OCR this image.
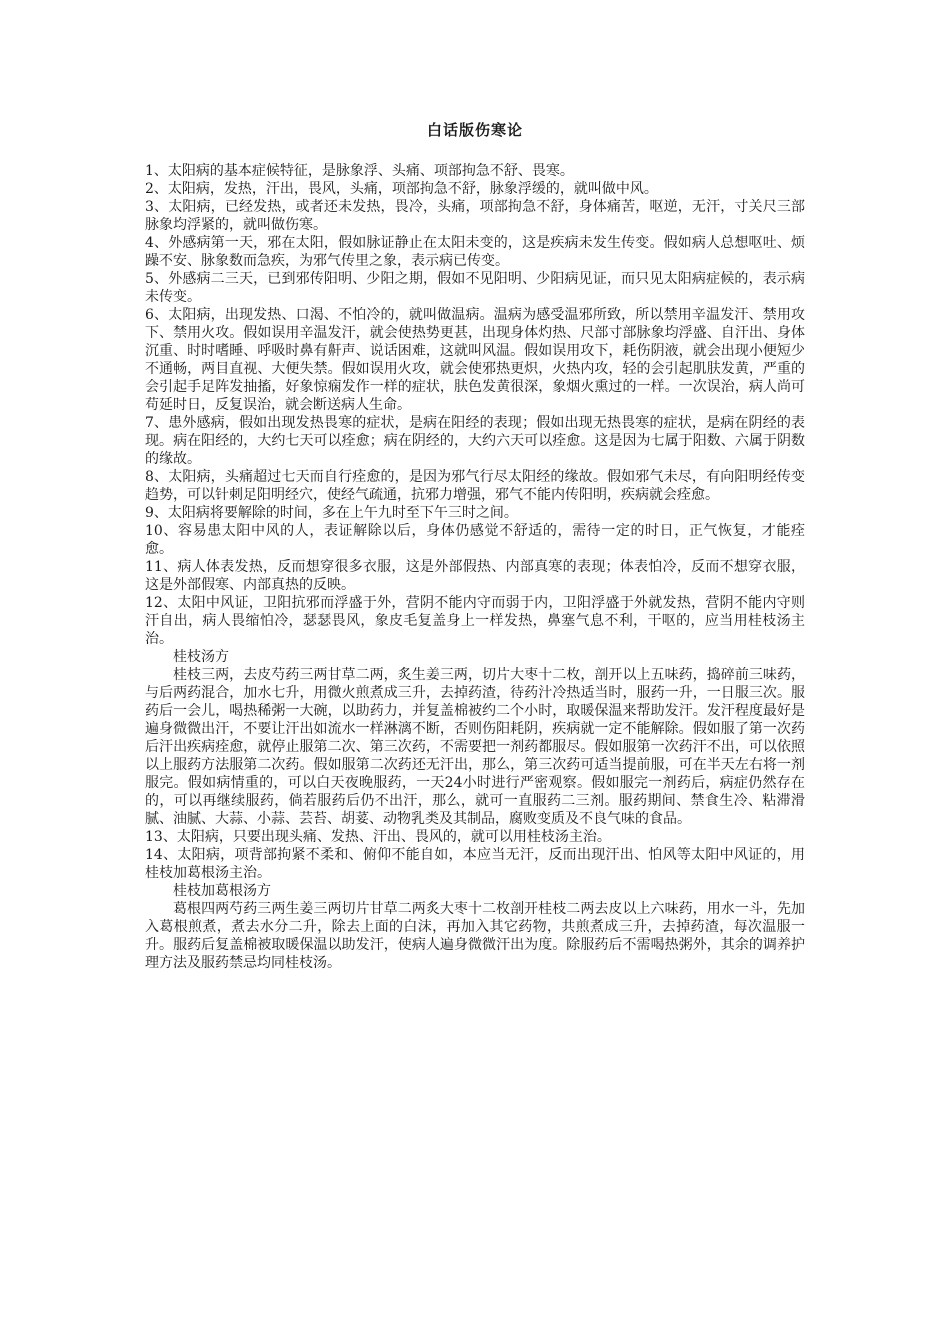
白话版伤寒论

1、太阳病的基本症候特征，是脉象浮、头痛、项部拘急不舒、畏寒。

2、太阳病，发热，汗出，畏风，头痛，项部拘急不舒，脉象浮缓的，就叫做中风。

3、太阳病，已经发热，或者还未发热，畏冷，头痛，项部拘急不舒，身体痛苦，呕逆，无汗，寸关尺三部脉象均浮紧的，就叫做伤寒。

4、外感病第一天，邪在太阳，假如脉证静止在太阳未变的，这是疾病未发生传变。假如病人总想呕吐、烦躁不安、脉象数而急疾，为邪气传里之象，表示病已传变。

5、外感病二三天，已到邪传阳明、少阳之期，假如不见阳明、少阳病见证，而只见太阳病症候的，表示病未传变。

6、太阳病，出现发热、口渴、不怕冷的，就叫做温病。温病为感受温邪所致，所以禁用辛温发汗、禁用攻下、禁用火攻。假如误用辛温发汗，就会使热势更甚，出现身体灼热、尺部寸部脉象均浮盛、自汗出、身体沉重、时时嗜睡、呼吸时鼻有鼾声、说话困难，这就叫风温。假如误用攻下，耗伤阴液，就会出现小便短少不通畅，两目直视、大便失禁。假如误用火攻，就会使邪热更炽，火热内攻，轻的会引起肌肤发黄，严重的会引起手足阵发抽搐，好象惊痫发作一样的症状，肤色发黄很深，象烟火熏过的一样。一次误治，病人尚可苟延时日，反复误治，就会断送病人生命。

7、患外感病，假如出现发热畏寒的症状，是病在阳经的表现；假如出现无热畏寒的症状，是病在阴经的表现。病在阳经的，大约七天可以痊愈；病在阴经的，大约六天可以痊愈。这是因为七属于阳数、六属于阴数的缘故。

8、太阳病，头痛超过七天而自行痊愈的，是因为邪气行尽太阳经的缘故。假如邪气未尽，有向阳明经传变趋势，可以针刺足阳明经穴，使经气疏通，抗邪力增强，邪气不能内传阳明，疾病就会痊愈。

9、太阳病将要解除的时间，多在上午九时至下午三时之间。

10、容易患太阳中风的人，表证解除以后，身体仍感觉不舒适的，需待一定的时日，正气恢复，才能痊愈。

11、病人体表发热，反而想穿很多衣服，这是外部假热、内部真寒的表现；体表怕冷，反而不想穿衣服，这是外部假寒、内部真热的反映。

12、太阳中风证，卫阳抗邪而浮盛于外，营阴不能内守而弱于内，卫阳浮盛于外就发热，营阴不能内守则汗自出，病人畏缩怕冷，瑟瑟畏风，象皮毛复盖身上一样发热，鼻塞气息不利，干呕的，应当用桂枝汤主治。

桂枝汤方

桂枝三两，去皮芍药三两甘草二两，炙生姜三两，切片大枣十二枚，剖开以上五味药，捣碎前三味药，与后两药混合，加水七升，用微火煎煮成三升，去掉药渣，待药汁冷热适当时，服药一升，一日服三次。服药后一会儿，喝热稀粥一大碗，以助药力，并复盖棉被约二个小时，取暖保温来帮助发汗。发汗程度最好是遍身微微出汗，不要让汗出如流水一样淋漓不断，否则伤阳耗阴，疾病就一定不能解除。假如服了第一次药后汗出疾病痊愈，就停止服第二次、第三次药，不需要把一剂药都服尽。假如服第一次药汗不出，可以依照以上服药方法服第二次药。假如服第二次药还无汗出，那么，第三次药可适当提前服，可在半天左右将一剂服完。假如病情重的，可以白天夜晚服药，一天24小时进行严密观察。假如服完一剂药后，病症仍然存在的，可以再继续服药，倘若服药后仍不出汗，那么，就可一直服药二三剂。服药期间、禁食生冷、粘滞滑腻、油腻、大蒜、小蒜、芸苔、胡荽、动物乳类及其制品，腐败变质及不良气味的食品。

13、太阳病，只要出现头痛、发热、汗出、畏风的，就可以用桂枝汤主治。

14、太阳病，项背部拘紧不柔和、俯仰不能自如，本应当无汗，反而出现汗出、怕风等太阳中风证的，用桂枝加葛根汤主治。

桂枝加葛根汤方

葛根四两芍药三两生姜三两切片甘草二两炙大枣十二枚剖开桂枝二两去皮以上六味药，用水一斗，先加入葛根煎煮，煮去水分二升，除去上面的白沫，再加入其它药物，共煎煮成三升，去掉药渣，每次温服一升。服药后复盖棉被取暖保温以助发汗，使病人遍身微微汗出为度。除服药后不需喝热粥外，其余的调养护理方法及服药禁忌均同桂枝汤。
